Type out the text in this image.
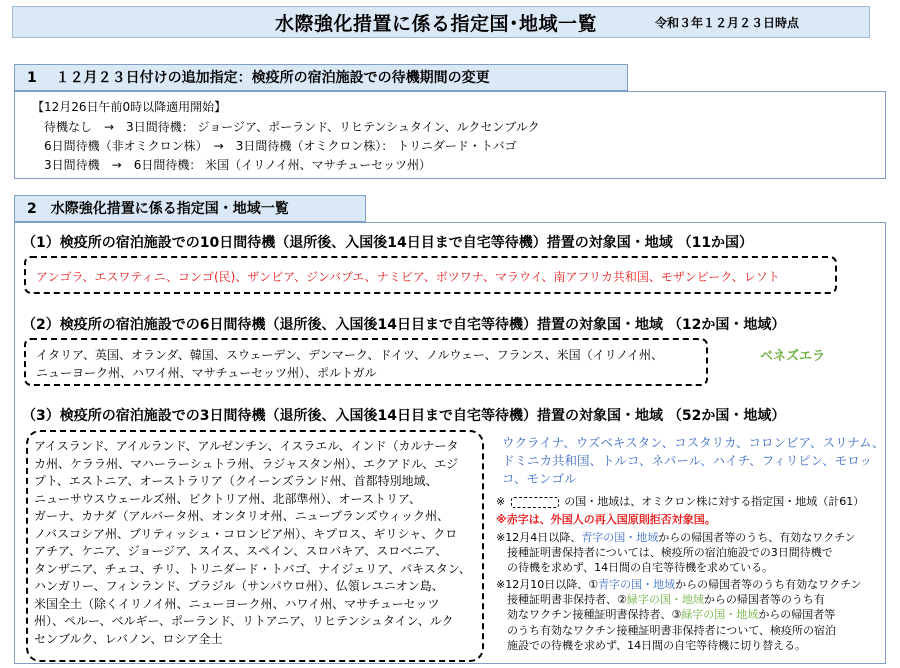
水際強化措置に係る指定国･地域一覧	令和３年１２月２３日時点
1　 １２月２３日付けの追加指定：検疫所の宿泊施設での待機期間の変更
【12月26日午前0時以降適用開始】
待機なし　→　3日間待機： ジョージア、ポーランド、リヒテンシュタイン、ルクセンブルク
6日間待機（非オミクロン株）　→　3日間待機（オミクロン株）： トリニダード・トバゴ
3日間待機　→　6日間待機： 米国（イリノイ州、マサチューセッツ州）
2　水際強化措置に係る指定国・地域一覧
（1）検疫所の宿泊施設での10日間待機（退所後、入国後14日目まで自宅等待機）措置の対象国・地域 （11か国）
アンゴラ、エスワティニ、コンゴ(民)、ザンビア、ジンバブエ、ナミビア、ボツワナ、マラウイ、南アフリカ共和国、モザンビーク、レソト
（2）検疫所の宿泊施設での6日間待機（退所後、入国後14日目まで自宅等待機）措置の対象国・地域 （12か国・地域）
イタリア、英国、オランダ、韓国、スウェーデン、デンマーク、ドイツ、ノルウェー、フランス、米国（イリノイ州、
ニューヨーク州、ハワイ州、マサチューセッツ州）、ポルトガル
ベネズエラ
（3）検疫所の宿泊施設での3日間待機（退所後、入国後14日目まで自宅等待機）措置の対象国・地域 （52か国・地域）
アイスランド、アイルランド、アルゼンチン、イスラエル、インド（カルナータ
カ州、ケララ州、マハーラーシュトラ州、ラジャスタン州）、エクアドル、エジ
プト、エストニア、オーストラリア（クイーンズランド州、首都特別地域、
ニューサウスウェールズ州、ビクトリア州、北部準州）、オーストリア、
ガーナ、カナダ（アルバータ州、オンタリオ州、ニューブランズウィック州、
ノバスコシア州、ブリティッシュ・コロンビア州）、キプロス、ギリシャ、クロ
アチア、ケニア、ジョージア、スイス、スペイン、スロバキア、スロベニア、
タンザニア、チェコ、チリ、トリニダード・トバゴ、ナイジェリア、パキスタン、
ハンガリー、フィンランド、ブラジル（サンパウロ州）、仏領レユニオン島、
米国全土（除くイリノイ州、ニューヨーク州、ハワイ州、マサチューセッツ
州）、ペルー、ベルギー、ポーランド、リトアニア、リヒテンシュタイン、ルク
センブルク、レバノン、ロシア全土
ウクライナ、ウズベキスタン、コスタリカ、コロンビア、スリナム、
ドミニカ共和国、トルコ、ネパール、ハイチ、フィリピン、モロッ
コ、モンゴル
※	の国・地域は、オミクロン株に対する指定国・地域（計61）
※赤字は、外国人の再入国原則拒否対象国。
※12月4日以降、青字の国・地域からの帰国者等のうち、有効なワクチン
接種証明書保持者については、検疫所の宿泊施設での3日間待機で
の待機を求めず、14日間の自宅等待機を求めている。
※12月10日以降、①青字の国・地域からの帰国者等のうち有効なワクチン
接種証明書非保持者、②緑字の国・地域からの帰国者等のうち有
効なワクチン接種証明書保持者、③緑字の国・地域からの帰国者等
のうち有効なワクチン接種証明書非保持者について、検疫所の宿泊
施設での待機を求めず、14日間の自宅等待機に切り替える。
